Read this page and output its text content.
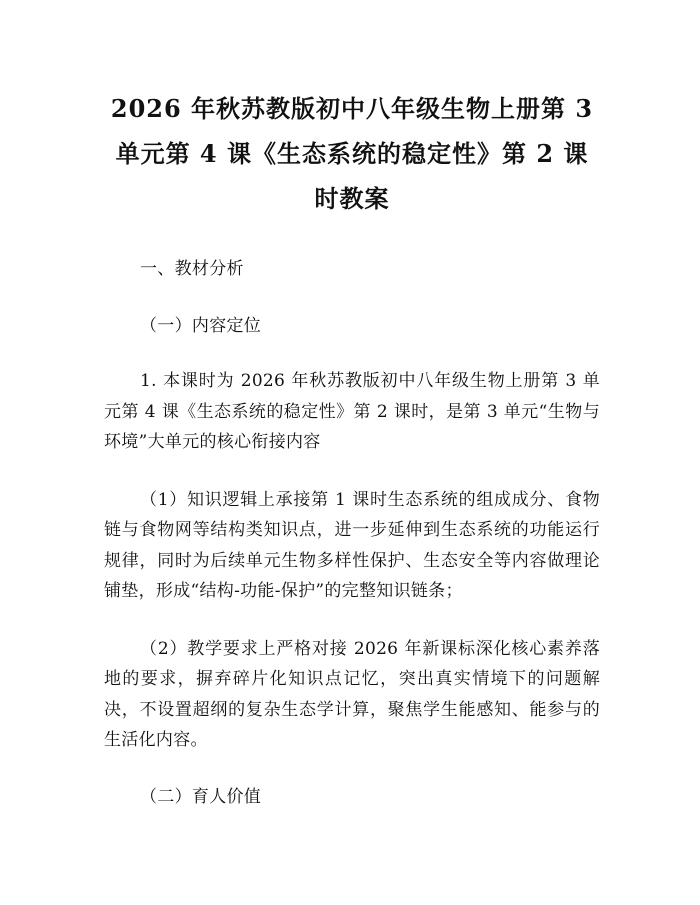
2026 年秋苏教版初中八年级生物上册第 3 单元第 4 课《生态系统的稳定性》第 2 课时教案

一、教材分析

（一）内容定位

1. 本课时为 2026 年秋苏教版初中八年级生物上册第 3 单元第 4 课《生态系统的稳定性》第 2 课时，是第 3 单元“生物与环境”大单元的核心衔接内容

（1）知识逻辑上承接第 1 课时生态系统的组成成分、食物链与食物网等结构类知识点，进一步延伸到生态系统的功能运行规律，同时为后续单元生物多样性保护、生态安全等内容做理论铺垫，形成“结构-功能-保护”的完整知识链条；

（2）教学要求上严格对接 2026 年新课标深化核心素养落地的要求，摒弃碎片化知识点记忆，突出真实情境下的问题解决，不设置超纲的复杂生态学计算，聚焦学生能感知、能参与的生活化内容。

（二）育人价值
